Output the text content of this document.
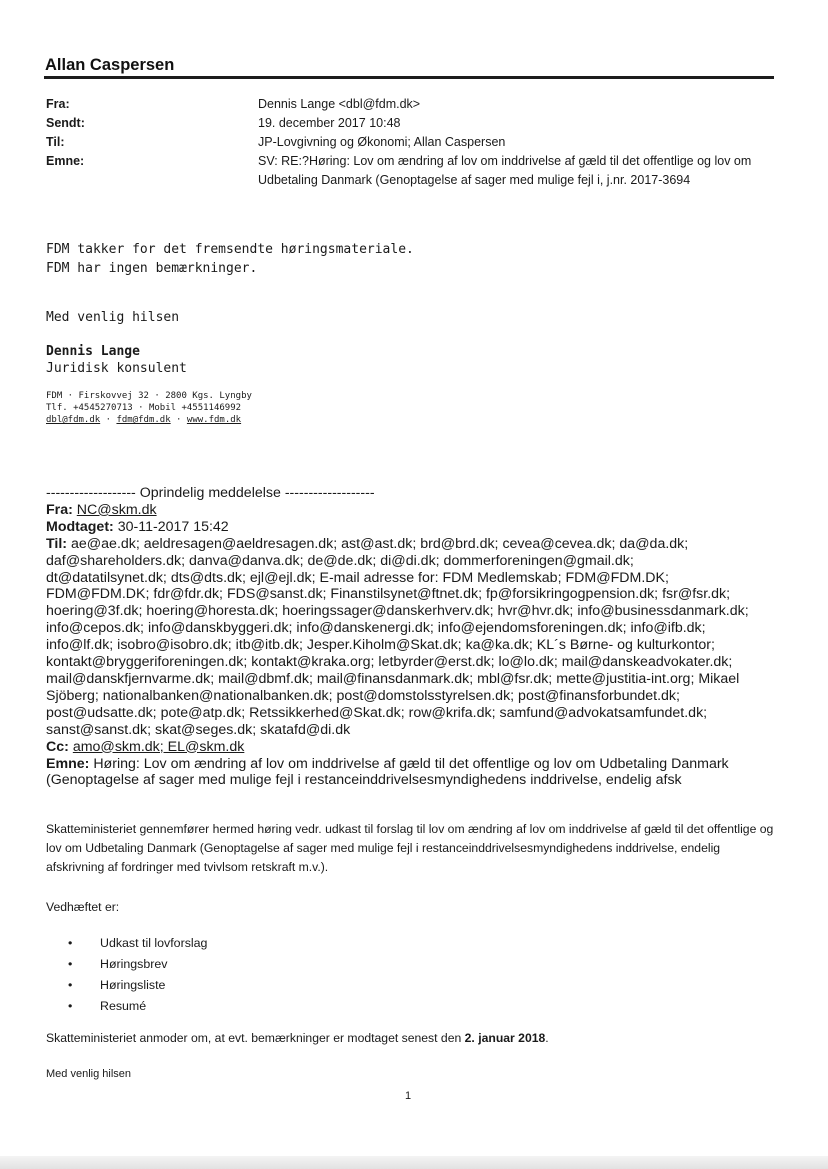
Allan Caspersen
Fra:	Dennis Lange <dbl@fdm.dk>
Sendt:	19. december 2017 10:48
Til:	JP-Lovgivning og Økonomi; Allan Caspersen
Emne:	SV: RE:?Høring: Lov om ændring af lov om inddrivelse af gæld til det offentlige og lov om Udbetaling Danmark (Genoptagelse af sager med mulige fejl i, j.nr. 2017-3694
FDM takker for det fremsendte høringsmateriale.
FDM har ingen bemærkninger.
Med venlig hilsen
Dennis Lange
Juridisk konsulent
FDM · Firskovvej 32 · 2800 Kgs. Lyngby
Tlf. +4545270713 · Mobil +4551146992
dbl@fdm.dk · fdm@fdm.dk · www.fdm.dk
------------------- Oprindelig meddelelse -------------------
Fra: NC@skm.dk
Modtaget: 30-11-2017 15:42
Til: ae@ae.dk; aeldresagen@aeldresagen.dk; ast@ast.dk; brd@brd.dk; cevea@cevea.dk; da@da.dk;
daf@shareholders.dk; danva@danva.dk; de@de.dk; di@di.dk; dommerforeningen@gmail.dk;
dt@datatilsynet.dk; dts@dts.dk; ejl@ejl.dk; E-mail adresse for: FDM Medlemskab; FDM@FDM.DK;
FDM@FDM.DK; fdr@fdr.dk; FDS@sanst.dk; Finanstilsynet@ftnet.dk; fp@forsikringogpension.dk; fsr@fsr.dk;
hoering@3f.dk; hoering@horesta.dk; hoeringssager@danskerhverv.dk; hvr@hvr.dk; info@businessdanmark.dk;
info@cepos.dk; info@danskbyggeri.dk; info@danskenergi.dk; info@ejendomsforeningen.dk; info@ifb.dk;
info@lf.dk; isobro@isobro.dk; itb@itb.dk; Jesper.Kiholm@Skat.dk; ka@ka.dk; KL´s Børne- og kulturkontor;
kontakt@bryggeriforeningen.dk; kontakt@kraka.org; letbyrder@erst.dk; lo@lo.dk; mail@danskeadvokater.dk;
mail@danskfjernvarme.dk; mail@dbmf.dk; mail@finansdanmark.dk; mbl@fsr.dk; mette@justitia-int.org; Mikael
Sjöberg; nationalbanken@nationalbanken.dk; post@domstolsstyrelsen.dk; post@finansforbundet.dk;
post@udsatte.dk; pote@atp.dk; Retssikkerhed@Skat.dk; row@krifa.dk; samfund@advokatsamfundet.dk;
sanst@sanst.dk; skat@seges.dk; skatafd@di.dk
Cc: amo@skm.dk; EL@skm.dk
Emne: Høring: Lov om ændring af lov om inddrivelse af gæld til det offentlige og lov om Udbetaling Danmark (Genoptagelse af sager med mulige fejl i restanceinddrivelsesmyndighedens inddrivelse, endelig afsk
Skatteministeriet gennemfører hermed høring vedr. udkast til forslag til lov om ændring af lov om inddrivelse af gæld til det offentlige og lov om Udbetaling Danmark (Genoptagelse af sager med mulige fejl i restanceinddrivelsesmyndighedens inddrivelse, endelig afskrivning af fordringer med tvivlsom retskraft m.v.).
Vedhæftet er:
•	Udkast til lovforslag
•	Høringsbrev
•	Høringsliste
•	Resumé
Skatteministeriet anmoder om, at evt. bemærkninger er modtaget senest den 2. januar 2018.
Med venlig hilsen
1
